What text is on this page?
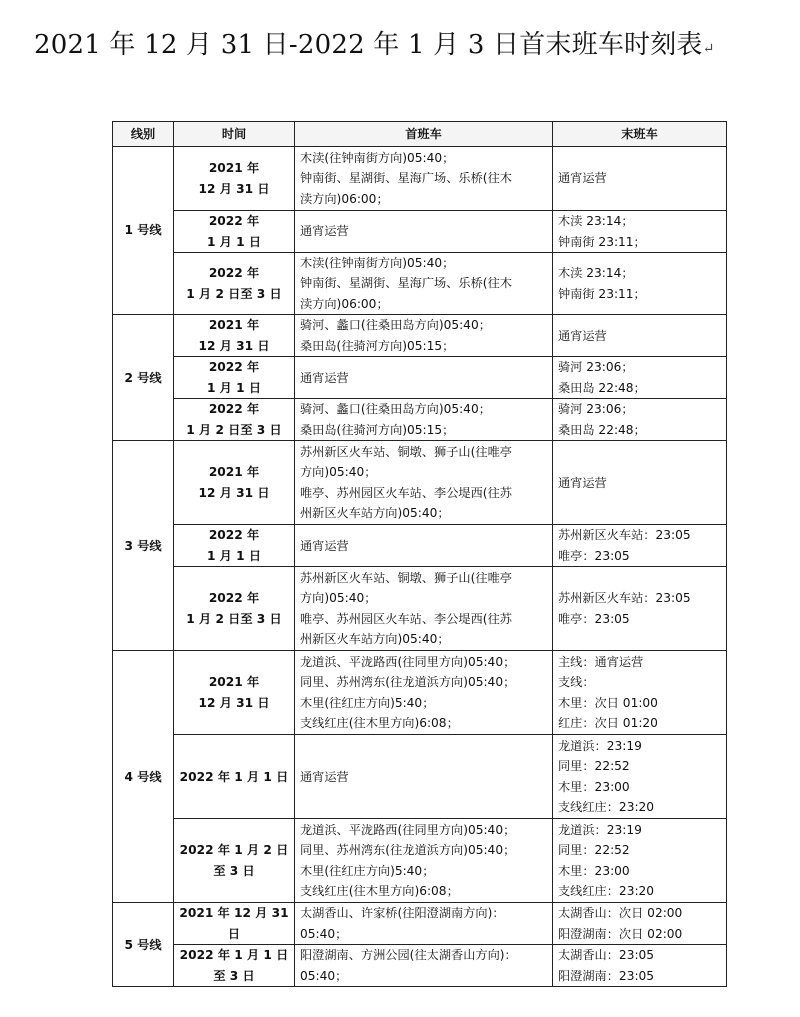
2021 年 12 月 31 日-2022 年 1 月 3 日首末班车时刻表↵
线别	时间	首班车	末班车
1 号线	2021 年
12 月 31 日	木渎(往钟南街方向)05:40；
钟南街、星湖街、星海广场、乐桥(往木
渎方向)06:00；	通宵运营

	2022 年
1 月 1 日	通宵运营	木渎 23:14；
钟南街 23:11；

	2022 年
1 月 2 日至 3 日	木渎(往钟南街方向)05:40；
钟南街、星湖街、星海广场、乐桥(往木
渎方向)06:00；	木渎 23:14；
钟南街 23:11；

2 号线	2021 年
12 月 31 日	骑河、蠡口(往桑田岛方向)05:40；
桑田岛(往骑河方向)05:15；	通宵运营

	2022 年
1 月 1 日	通宵运营	骑河 23:06；
桑田岛 22:48；

	2022 年
1 月 2 日至 3 日	骑河、蠡口(往桑田岛方向)05:40；
桑田岛(往骑河方向)05:15；	骑河 23:06；
桑田岛 22:48；

3 号线	2021 年
12 月 31 日	苏州新区火车站、铜墩、狮子山(往唯亭
方向)05:40；
唯亭、苏州园区火车站、李公堤西(往苏
州新区火车站方向)05:40；	通宵运营

	2022 年
1 月 1 日	通宵运营	苏州新区火车站：23:05
唯亭：23:05

	2022 年
1 月 2 日至 3 日	苏州新区火车站、铜墩、狮子山(往唯亭
方向)05:40；
唯亭、苏州园区火车站、李公堤西(往苏
州新区火车站方向)05:40；	苏州新区火车站：23:05
唯亭：23:05

4 号线	2021 年
12 月 31 日	龙道浜、平泷路西(往同里方向)05:40；
同里、苏州湾东(往龙道浜方向)05:40；
木里(往红庄方向)5:40；
支线红庄(往木里方向)6:08；	主线：通宵运营
支线：
木里：次日 01:00
红庄：次日 01:20

	2022 年 1 月 1 日	通宵运营	龙道浜：23:19
同里：22:52
木里：23:00
支线红庄：23:20

	2022 年 1 月 2 日
至 3 日	龙道浜、平泷路西(往同里方向)05:40；
同里、苏州湾东(往龙道浜方向)05:40；
木里(往红庄方向)5:40；
支线红庄(往木里方向)6:08；	龙道浜：23:19
同里：22:52
木里：23:00
支线红庄：23:20

5 号线	2021 年 12 月 31
日	太湖香山、许家桥(往阳澄湖南方向)：
05:40；	太湖香山：次日 02:00
阳澄湖南：次日 02:00

	2022 年 1 月 1 日
至 3 日	阳澄湖南、方洲公园(往太湖香山方向)：
05:40；	太湖香山：23:05
阳澄湖南：23:05
